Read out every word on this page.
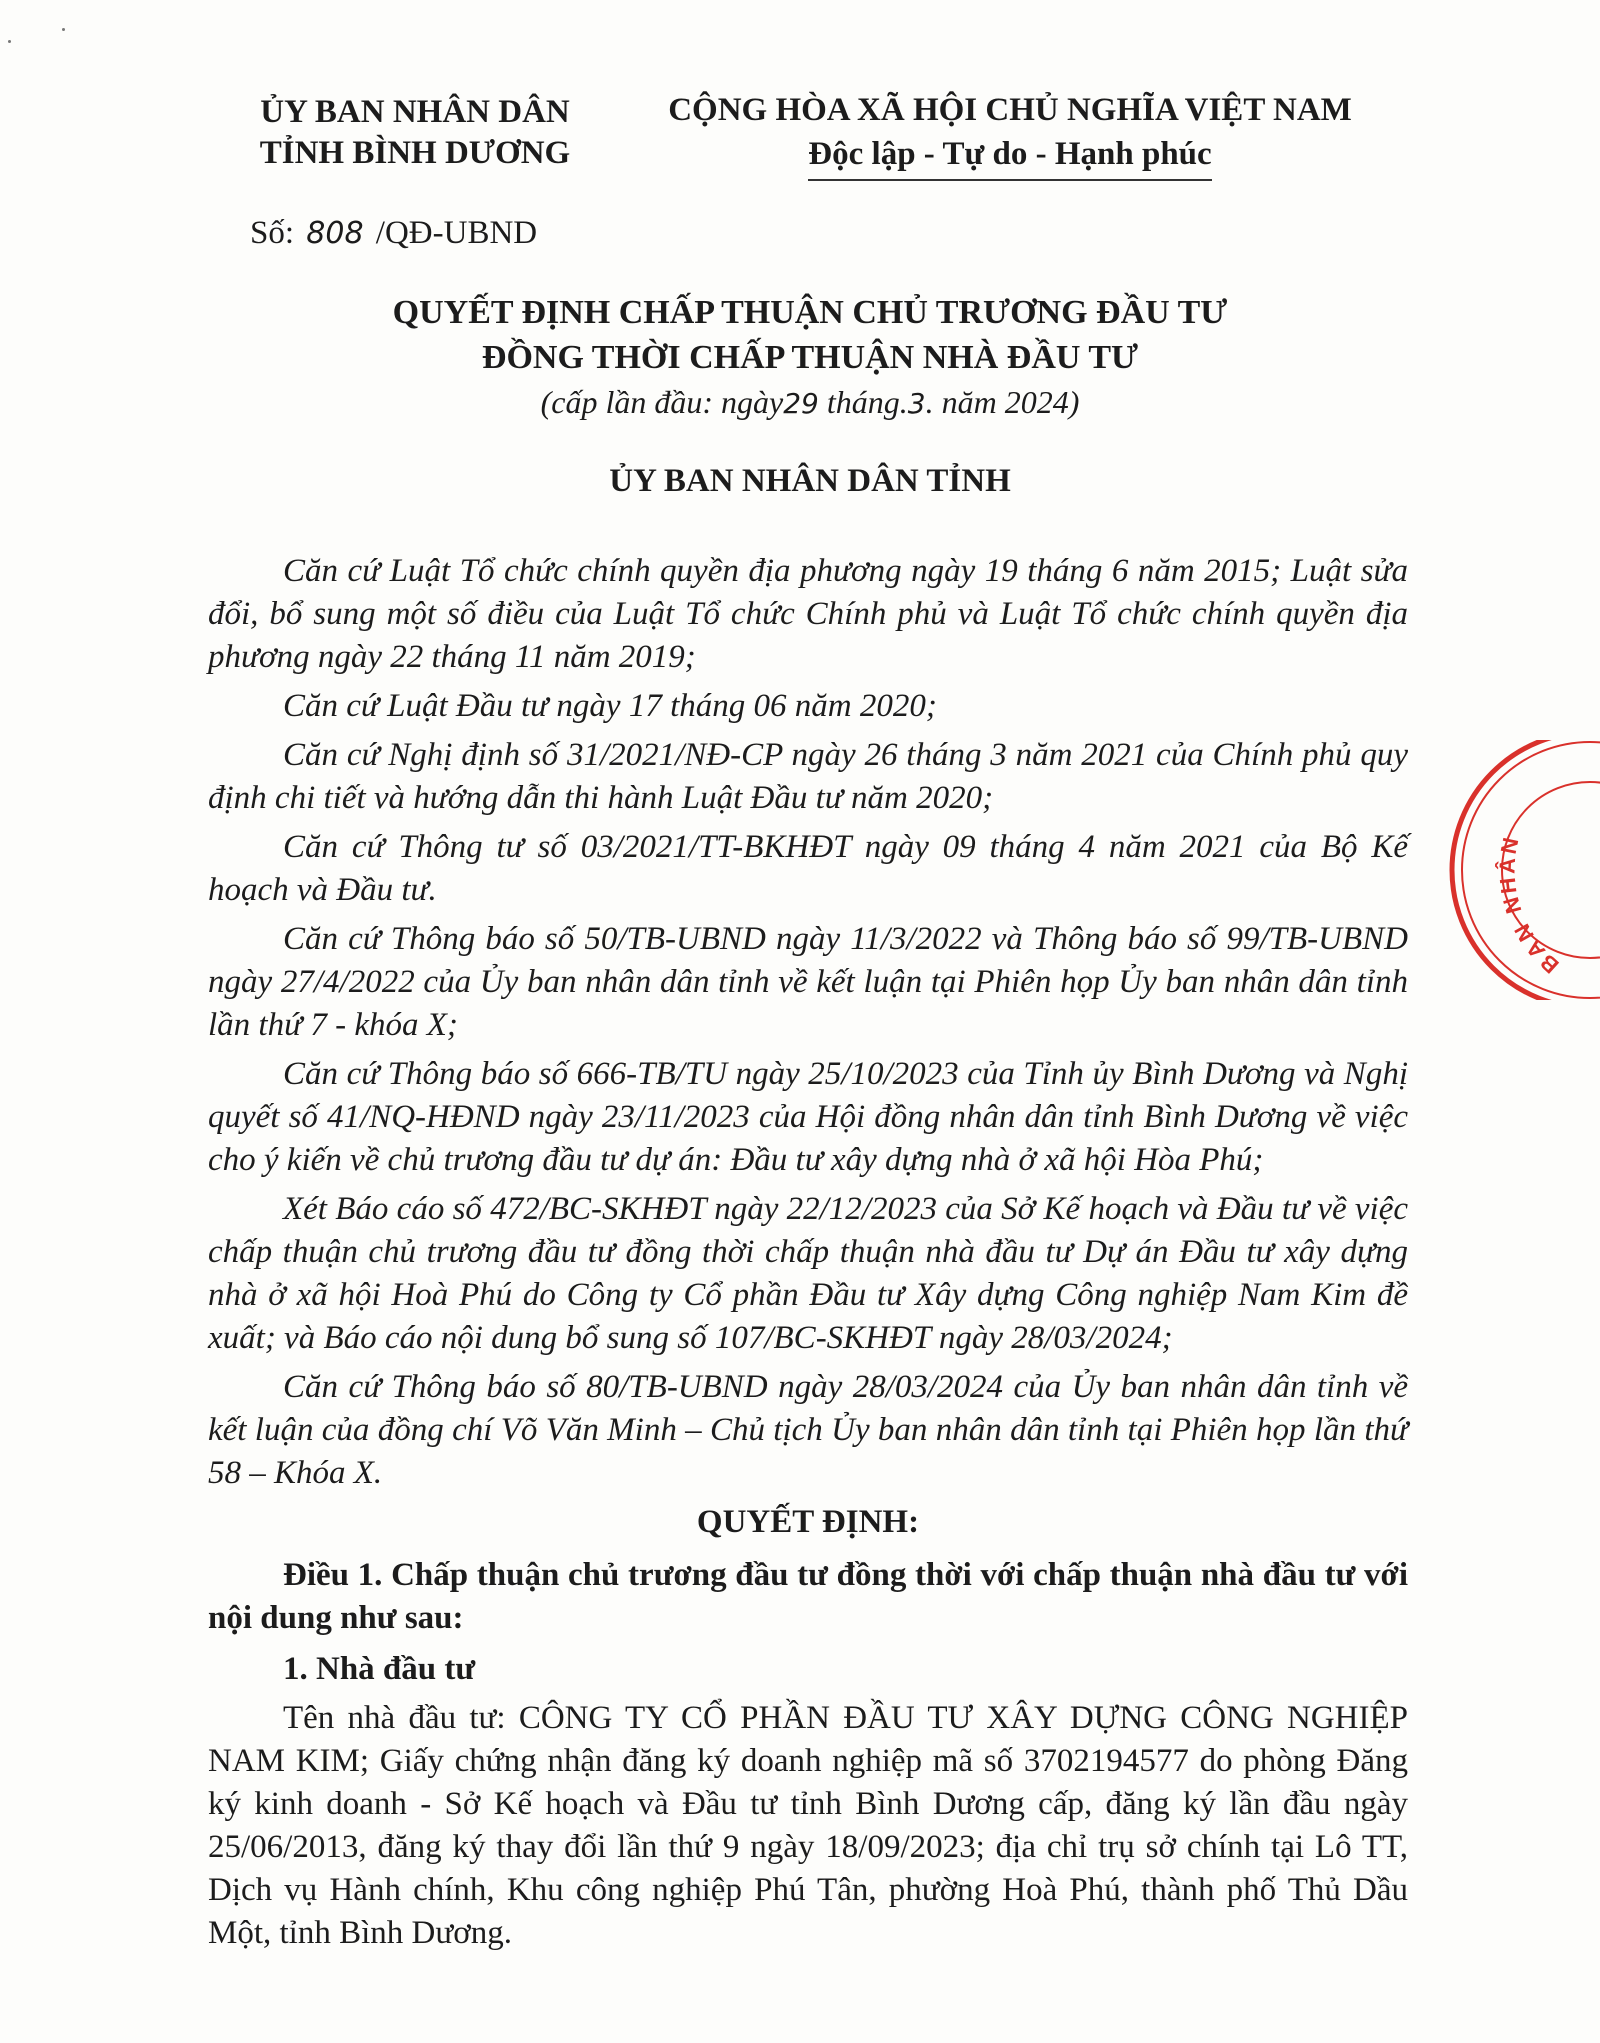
ỦY BAN NHÂN DÂN
TỈNH BÌNH DƯƠNG
CỘNG HÒA XÃ HỘI CHỦ NGHĨA VIỆT NAM
Độc lập - Tự do - Hạnh phúc
Số: 808 /QĐ-UBND
QUYẾT ĐỊNH CHẤP THUẬN CHỦ TRƯƠNG ĐẦU TƯ
ĐỒNG THỜI CHẤP THUẬN NHÀ ĐẦU TƯ
(cấp lần đầu: ngày29 tháng.3. năm 2024)
ỦY BAN NHÂN DÂN TỈNH

Căn cứ Luật Tổ chức chính quyền địa phương ngày 19 tháng 6 năm 2015; Luật sửa đổi, bổ sung một số điều của Luật Tổ chức Chính phủ và Luật Tổ chức chính quyền địa phương ngày 22 tháng 11 năm 2019;

Căn cứ Luật Đầu tư ngày 17 tháng 06 năm 2020;

Căn cứ Nghị định số 31/2021/NĐ-CP ngày 26 tháng 3 năm 2021 của Chính phủ quy định chi tiết và hướng dẫn thi hành Luật Đầu tư năm 2020;

Căn cứ Thông tư số 03/2021/TT-BKHĐT ngày 09 tháng 4 năm 2021 của Bộ Kế hoạch và Đầu tư.

Căn cứ Thông báo số 50/TB-UBND ngày 11/3/2022 và Thông báo số 99/TB-UBND ngày 27/4/2022 của Ủy ban nhân dân tỉnh về kết luận tại Phiên họp Ủy ban nhân dân tỉnh lần thứ 7 - khóa X;

Căn cứ Thông báo số 666-TB/TU ngày 25/10/2023 của Tỉnh ủy Bình Dương và Nghị quyết số 41/NQ-HĐND ngày 23/11/2023 của Hội đồng nhân dân tỉnh Bình Dương về việc cho ý kiến về chủ trương đầu tư dự án: Đầu tư xây dựng nhà ở xã hội Hòa Phú;

Xét Báo cáo số 472/BC-SKHĐT ngày 22/12/2023 của Sở Kế hoạch và Đầu tư về việc chấp thuận chủ trương đầu tư đồng thời chấp thuận nhà đầu tư Dự án Đầu tư xây dựng nhà ở xã hội Hoà Phú do Công ty Cổ phần Đầu tư Xây dựng Công nghiệp Nam Kim đề xuất; và Báo cáo nội dung bổ sung số 107/BC-SKHĐT ngày 28/03/2024;

Căn cứ Thông báo số 80/TB-UBND ngày 28/03/2024 của Ủy ban nhân dân tỉnh về kết luận của đồng chí Võ Văn Minh – Chủ tịch Ủy ban nhân dân tỉnh tại Phiên họp lần thứ 58 – Khóa X.

QUYẾT ĐỊNH:

Điều 1. Chấp thuận chủ trương đầu tư đồng thời với chấp thuận nhà đầu tư với nội dung như sau:

1. Nhà đầu tư

Tên nhà đầu tư: CÔNG TY CỔ PHẦN ĐẦU TƯ XÂY DỰNG CÔNG NGHIỆP NAM KIM; Giấy chứng nhận đăng ký doanh nghiệp mã số 3702194577 do phòng Đăng ký kinh doanh - Sở Kế hoạch và Đầu tư tỉnh Bình Dương cấp, đăng ký lần đầu ngày 25/06/2013, đăng ký thay đổi lần thứ 9 ngày 18/09/2023; địa chỉ trụ sở chính tại Lô TT, Dịch vụ Hành chính, Khu công nghiệp Phú Tân, phường Hoà Phú, thành phố Thủ Dầu Một, tỉnh Bình Dương.

BAN NHÂN
